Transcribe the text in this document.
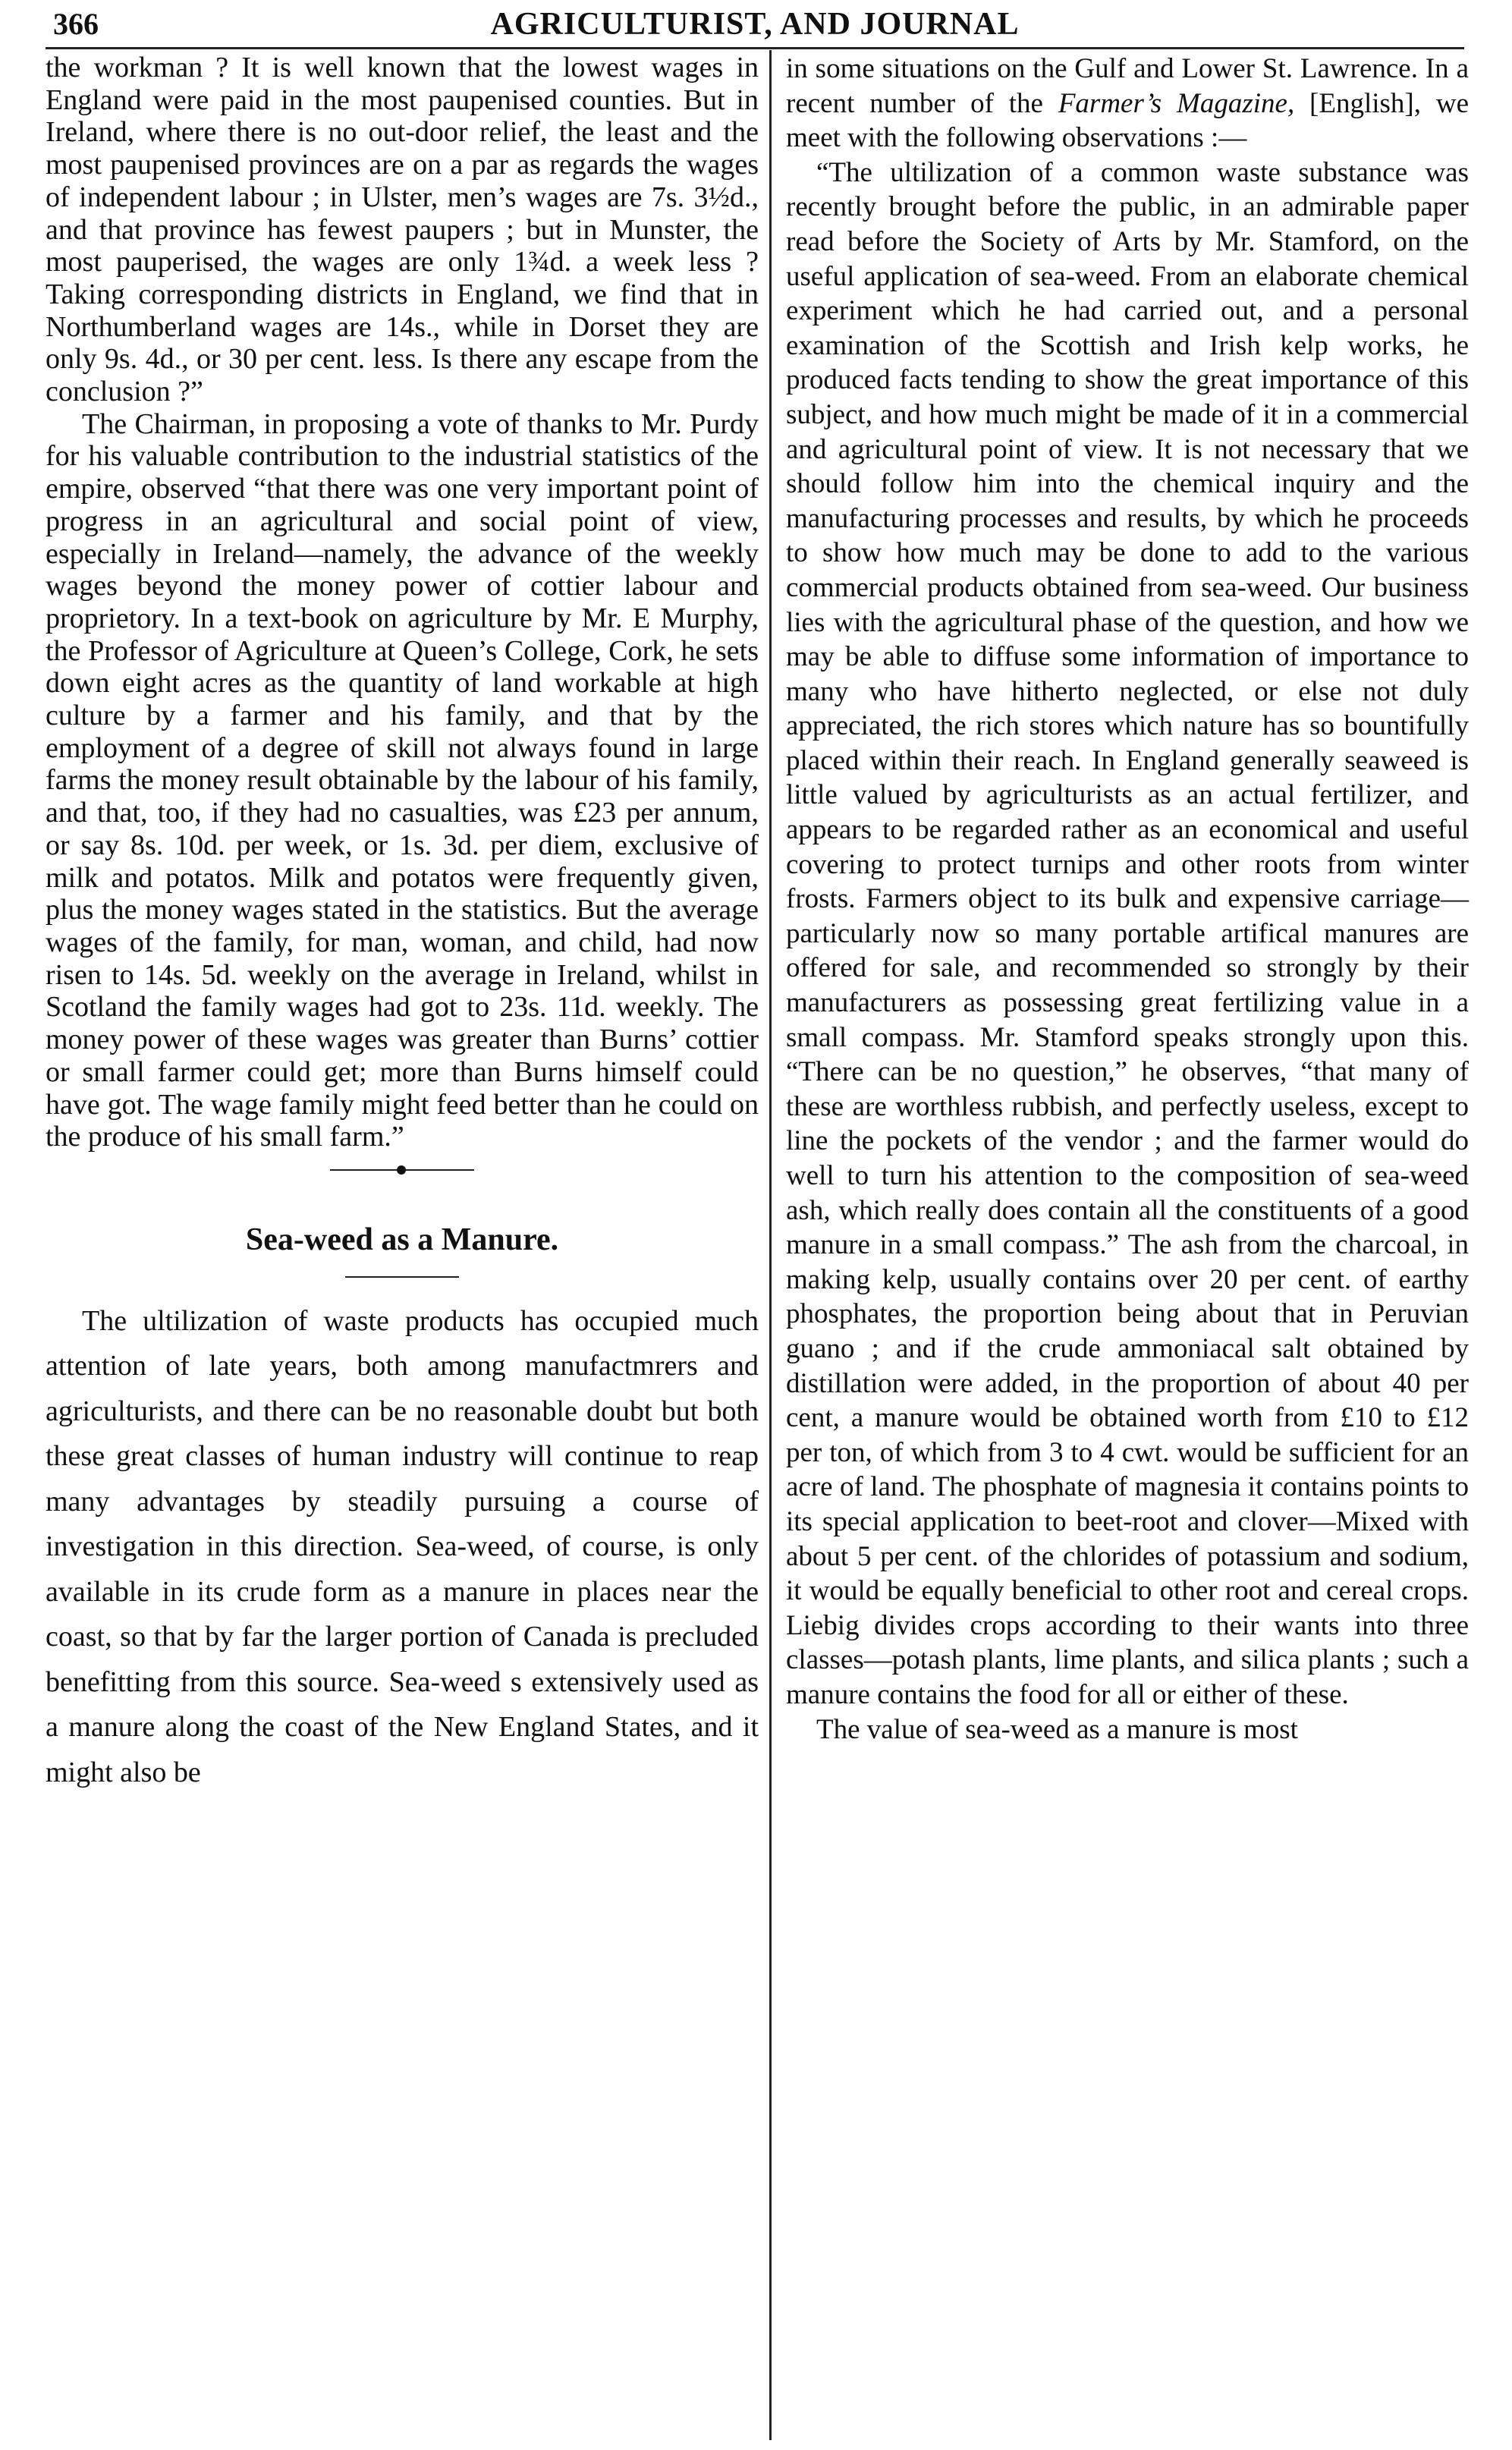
366	AGRICULTURIST, AND JOURNAL

the workman ? It is well known that the lowest wages in England were paid in the most paupenised counties. But in Ireland, where there is no out-door relief, the least and the most paupenised provinces are on a par as regards the wages of independent labour ; in Ulster, men’s wages are 7s. 3½d., and that province has fewest paupers ; but in Munster, the most pauperised, the wages are only 1¾d. a week less ? Taking corresponding districts in England, we find that in Northumberland wages are 14s., while in Dorset they are only 9s. 4d., or 30 per cent. less. Is there any escape from the conclusion ?”

The Chairman, in proposing a vote of thanks to Mr. Purdy for his valuable contribution to the industrial statistics of the empire, observed “that there was one very important point of progress in an agricultural and social point of view, especially in Ireland—namely, the advance of the weekly wages beyond the money power of cottier labour and proprietory. In a text-book on agriculture by Mr. E Murphy, the Professor of Agriculture at Queen’s College, Cork, he sets down eight acres as the quantity of land workable at high culture by a farmer and his family, and that by the employment of a degree of skill not always found in large farms the money result obtainable by the labour of his family, and that, too, if they had no casualties, was £23 per annum, or say 8s. 10d. per week, or 1s. 3d. per diem, exclusive of milk and potatos. Milk and potatos were frequently given, plus the money wages stated in the statistics. But the average wages of the family, for man, woman, and child, had now risen to 14s. 5d. weekly on the average in Ireland, whilst in Scotland the family wages had got to 23s. 11d. weekly. The money power of these wages was greater than Burns’ cottier or small farmer could get; more than Burns himself could have got. The wage family might feed better than he could on the produce of his small farm.”

Sea-weed as a Manure.

The ultilization of waste products has occupied much attention of late years, both among manufactmrers and agriculturists, and there can be no reasonable doubt but both these great classes of human industry will continue to reap many advantages by steadily pursuing a course of investigation in this direction. Sea-weed, of course, is only available in its crude form as a manure in places near the coast, so that by far the larger portion of Canada is precluded benefitting from this source. Sea-weed s extensively used as a manure along the coast of the New England States, and it might also be

in some situations on the Gulf and Lower St. Lawrence. In a recent number of the Farmer’s Magazine, [English], we meet with the following observations :—

“The ultilization of a common waste substance was recently brought before the public, in an admirable paper read before the Society of Arts by Mr. Stamford, on the useful application of sea-weed. From an elaborate chemical experiment which he had carried out, and a personal examination of the Scottish and Irish kelp works, he produced facts tending to show the great importance of this subject, and how much might be made of it in a commercial and agricultural point of view. It is not necessary that we should follow him into the chemical inquiry and the manufacturing processes and results, by which he proceeds to show how much may be done to add to the various commercial products obtained from sea-weed. Our business lies with the agricultural phase of the question, and how we may be able to diffuse some information of importance to many who have hitherto neglected, or else not duly appreciated, the rich stores which nature has so bountifully placed within their reach. In England generally seaweed is little valued by agriculturists as an actual fertilizer, and appears to be regarded rather as an economical and useful covering to protect turnips and other roots from winter frosts. Farmers object to its bulk and expensive carriage—particularly now so many portable artifical manures are offered for sale, and recommended so strongly by their manufacturers as possessing great fertilizing value in a small compass. Mr. Stamford speaks strongly upon this. “There can be no question,” he observes, “that many of these are worthless rubbish, and perfectly useless, except to line the pockets of the vendor ; and the farmer would do well to turn his attention to the composition of sea-weed ash, which really does contain all the constituents of a good manure in a small compass.” The ash from the charcoal, in making kelp, usually contains over 20 per cent. of earthy phosphates, the proportion being about that in Peruvian guano ; and if the crude ammoniacal salt obtained by distillation were added, in the proportion of about 40 per cent, a manure would be obtained worth from £10 to £12 per ton, of which from 3 to 4 cwt. would be sufficient for an acre of land. The phosphate of magnesia it contains points to its special application to beet-root and clover—Mixed with about 5 per cent. of the chlorides of potassium and sodium, it would be equally beneficial to other root and cereal crops. Liebig divides crops according to their wants into three classes—potash plants, lime plants, and silica plants ; such a manure contains the food for all or either of these.

The value of sea-weed as a manure is most
